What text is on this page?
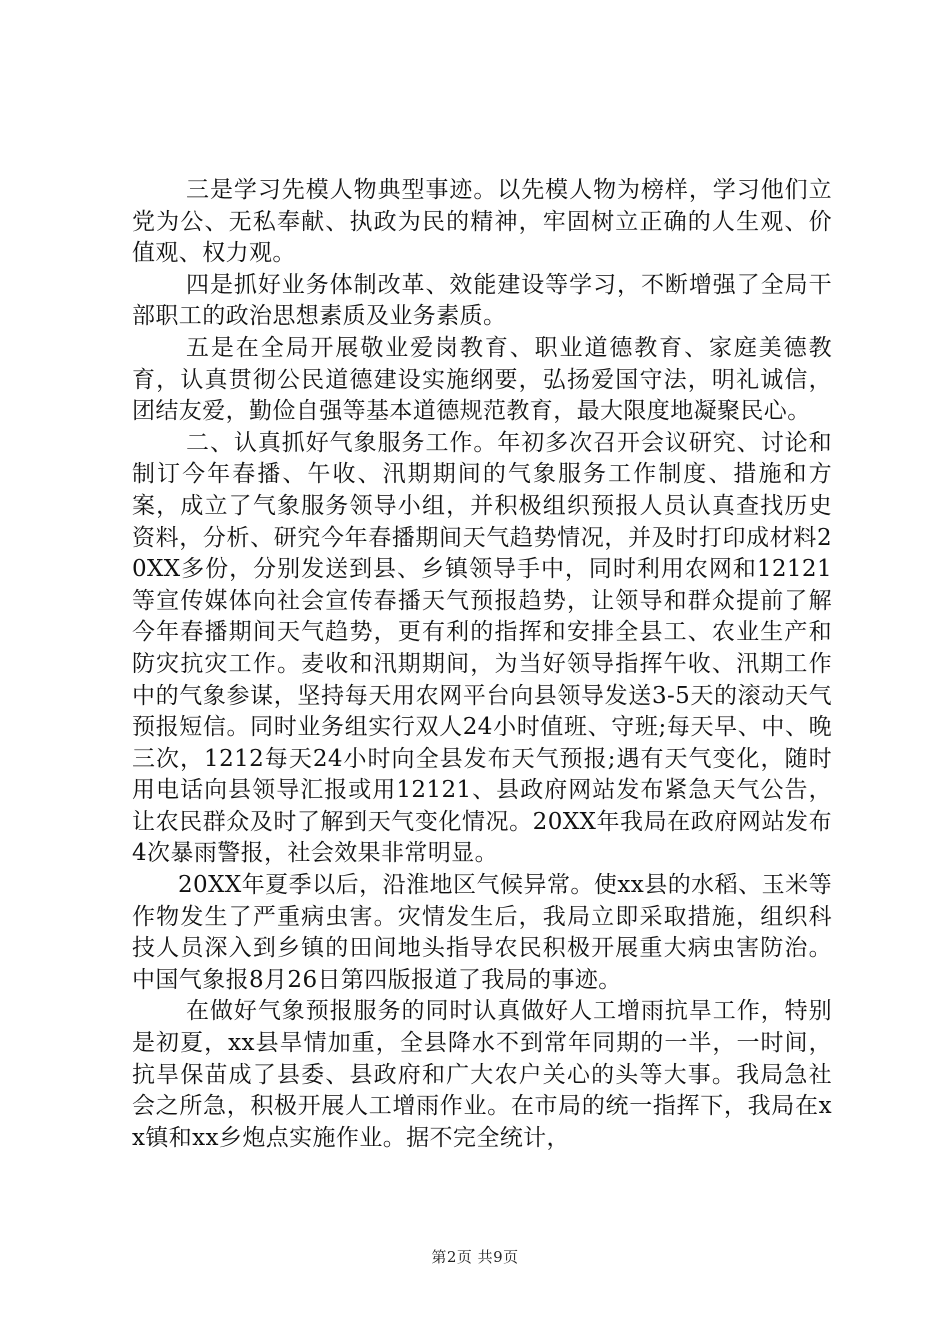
三是学习先模人物典型事迹。以先模人物为榜样，学习他们立党为公、无私奉献、执政为民的精神，牢固树立正确的人生观、价值观、权力观。

四是抓好业务体制改革、效能建设等学习，不断增强了全局干部职工的政治思想素质及业务素质。

五是在全局开展敬业爱岗教育、职业道德教育、家庭美德教育，认真贯彻公民道德建设实施纲要，弘扬爱国守法，明礼诚信，团结友爱，勤俭自强等基本道德规范教育，最大限度地凝聚民心。

二、认真抓好气象服务工作。年初多次召开会议研究、讨论和制订今年春播、午收、汛期期间的气象服务工作制度、措施和方案，成立了气象服务领导小组，并积极组织预报人员认真查找历史资料，分析、研究今年春播期间天气趋势情况，并及时打印成材料20XX多份，分别发送到县、乡镇领导手中，同时利用农网和12121等宣传媒体向社会宣传春播天气预报趋势，让领导和群众提前了解今年春播期间天气趋势，更有利的指挥和安排全县工、农业生产和防灾抗灾工作。麦收和汛期期间，为当好领导指挥午收、汛期工作中的气象参谋，坚持每天用农网平台向县领导发送3-5天的滚动天气预报短信。同时业务组实行双人24小时值班、守班;每天早、中、晚三次，1212每天24小时向全县发布天气预报;遇有天气变化，随时用电话向县领导汇报或用12121、县政府网站发布紧急天气公告，让农民群众及时了解到天气变化情况。20XX年我局在政府网站发布4次暴雨警报，社会效果非常明显。

20XX年夏季以后，沿淮地区气候异常。使xx县的水稻、玉米等作物发生了严重病虫害。灾情发生后，我局立即采取措施，组织科技人员深入到乡镇的田间地头指导农民积极开展重大病虫害防治。中国气象报8月26日第四版报道了我局的事迹。

在做好气象预报服务的同时认真做好人工增雨抗旱工作，特别是初夏，xx县旱情加重，全县降水不到常年同期的一半，一时间，抗旱保苗成了县委、县政府和广大农户关心的头等大事。我局急社会之所急，积极开展人工增雨作业。在市局的统一指挥下，我局在xx镇和xx乡炮点实施作业。据不完全统计，

第2页 共9页
